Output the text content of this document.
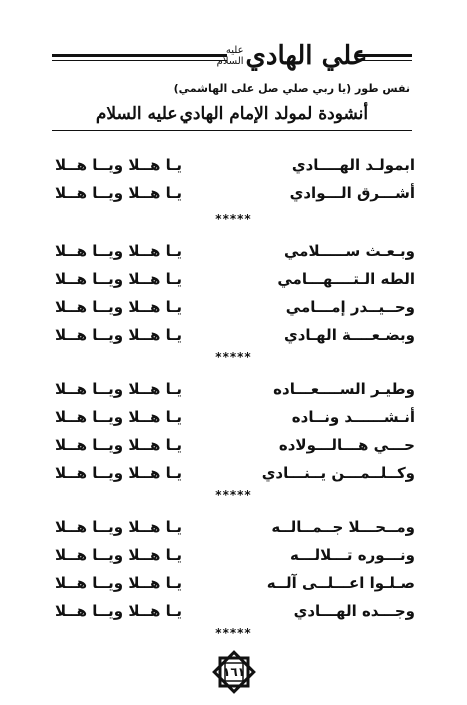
علي الهادي
عليه السلام
نفس طور (يا ربي صلي صل على الهاشمي)
أنشودة لمولد الإمام الهادي
عليه السلام
ابمولـد الهــــادي
يـا هــلا ويــا هــلا
أشـــرق الـــوادي
يـا هــلا ويــا هــلا
*****
وبـعـث ســـــلامي
يـا هــلا ويــا هــلا
الطه الـتــــهـــامي
يـا هــلا ويــا هــلا
وحــيــدر إمـــامي
يـا هــلا ويــا هــلا
وبضـعــــة الهـادي
يـا هــلا ويــا هــلا
*****
وطيـر الســــعـــاده
يـا هــلا ويــا هــلا
أنـشــــــد ونــاده
يـا هــلا ويــا هــلا
حـــي هـــالـــولاده
يـا هــلا ويــا هــلا
وكــلــمـــن يــنـــادي
يـا هــلا ويــا هــلا
*****
ومــحـــلا جــمــالــه
يـا هــلا ويــا هــلا
ونـــوره تـــلالـــه
يـا هــلا ويــا هــلا
صـلـوا اعـــلــى آلــه
يـا هــلا ويــا هــلا
وجـــده الهـــادي
يـا هــلا ويــا هــلا
*****
١٦١
